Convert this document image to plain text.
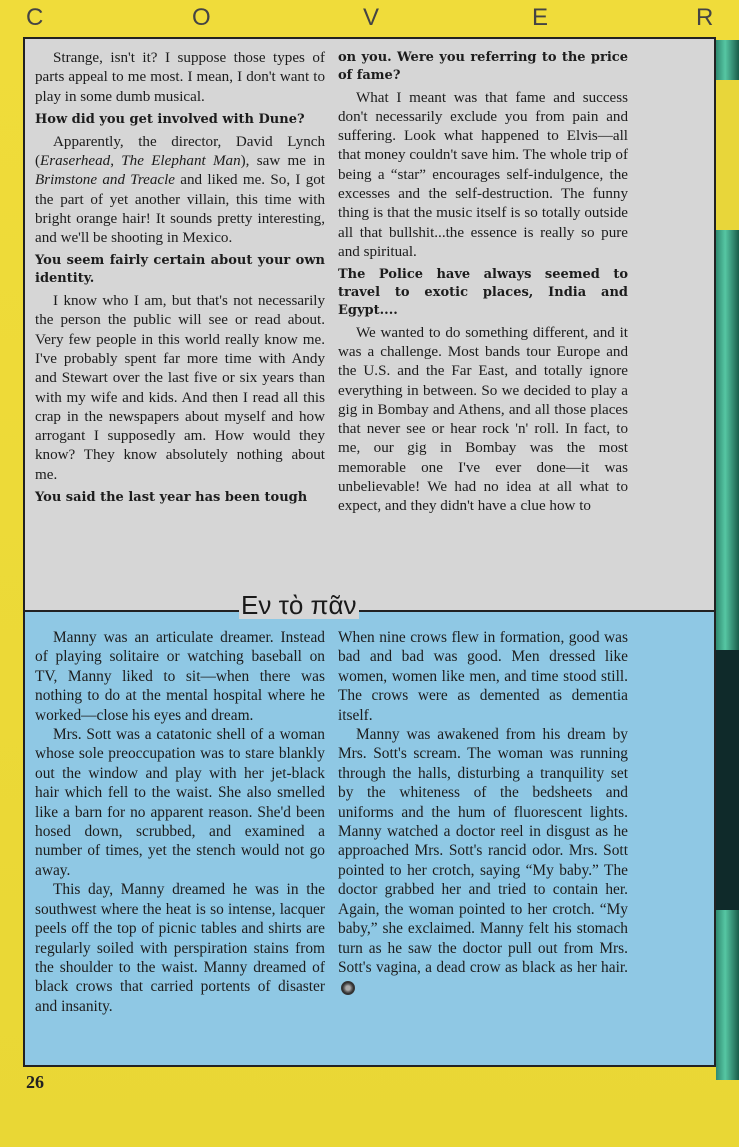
C	O	V	E	R

Strange, isn't it? I suppose those types of parts appeal to me most. I mean, I don't want to play in some dumb musical.

How did you get involved with Dune?

Apparently, the director, David Lynch (Eraserhead, The Elephant Man), saw me in Brimstone and Treacle and liked me. So, I got the part of yet another villain, this time with bright orange hair! It sounds pretty interesting, and we'll be shooting in Mexico.

You seem fairly certain about your own identity.

I know who I am, but that's not necessarily the person the public will see or read about. Very few people in this world really know me. I've probably spent far more time with Andy and Stewart over the last five or six years than with my wife and kids. And then I read all this crap in the newspapers about myself and how arrogant I supposedly am. How would they know? They know absolutely nothing about me.

You said the last year has been tough

on you. Were you referring to the price of fame?

What I meant was that fame and success don't necessarily exclude you from pain and suffering. Look what happened to Elvis—all that money couldn't save him. The whole trip of being a “star” encourages self-indulgence, the excesses and the self-destruction. The funny thing is that the music itself is so totally outside all that bullshit...the essence is really so pure and spiritual.

The Police have always seemed to travel to exotic places, India and Egypt....

We wanted to do something different, and it was a challenge. Most bands tour Europe and the U.S. and the Far East, and totally ignore everything in between. So we decided to play a gig in Bombay and Athens, and all those places that never see or hear rock 'n' roll. In fact, to me, our gig in Bombay was the most memorable one I've ever done—it was unbelievable! We had no idea at all what to expect, and they didn't have a clue how to

Manny was an articulate dreamer. Instead of playing solitaire or watching baseball on TV, Manny liked to sit—when there was nothing to do at the mental hospital where he worked—close his eyes and dream.

Mrs. Sott was a catatonic shell of a woman whose sole preoccupation was to stare blankly out the window and play with her jet-black hair which fell to the waist. She also smelled like a barn for no apparent reason. She'd been hosed down, scrubbed, and examined a number of times, yet the stench would not go away.

This day, Manny dreamed he was in the southwest where the heat is so intense, lacquer peels off the top of picnic tables and shirts are regularly soiled with perspiration stains from the shoulder to the waist. Manny dreamed of black crows that carried portents of disaster and insanity.

When nine crows flew in formation, good was bad and bad was good. Men dressed like women, women like men, and time stood still. The crows were as demented as dementia itself.

Manny was awakened from his dream by Mrs. Sott's scream. The woman was running through the halls, disturbing a tranquility set by the whiteness of the bedsheets and uniforms and the hum of fluorescent lights. Manny watched a doctor reel in disgust as he approached Mrs. Sott's rancid odor. Mrs. Sott pointed to her crotch, saying “My baby.” The doctor grabbed her and tried to contain her. Again, the woman pointed to her crotch. “My baby,” she exclaimed. Manny felt his stomach turn as he saw the doctor pull out from Mrs. Sott's vagina, a dead crow as black as her hair.

Εν τὸ πᾶν
26
